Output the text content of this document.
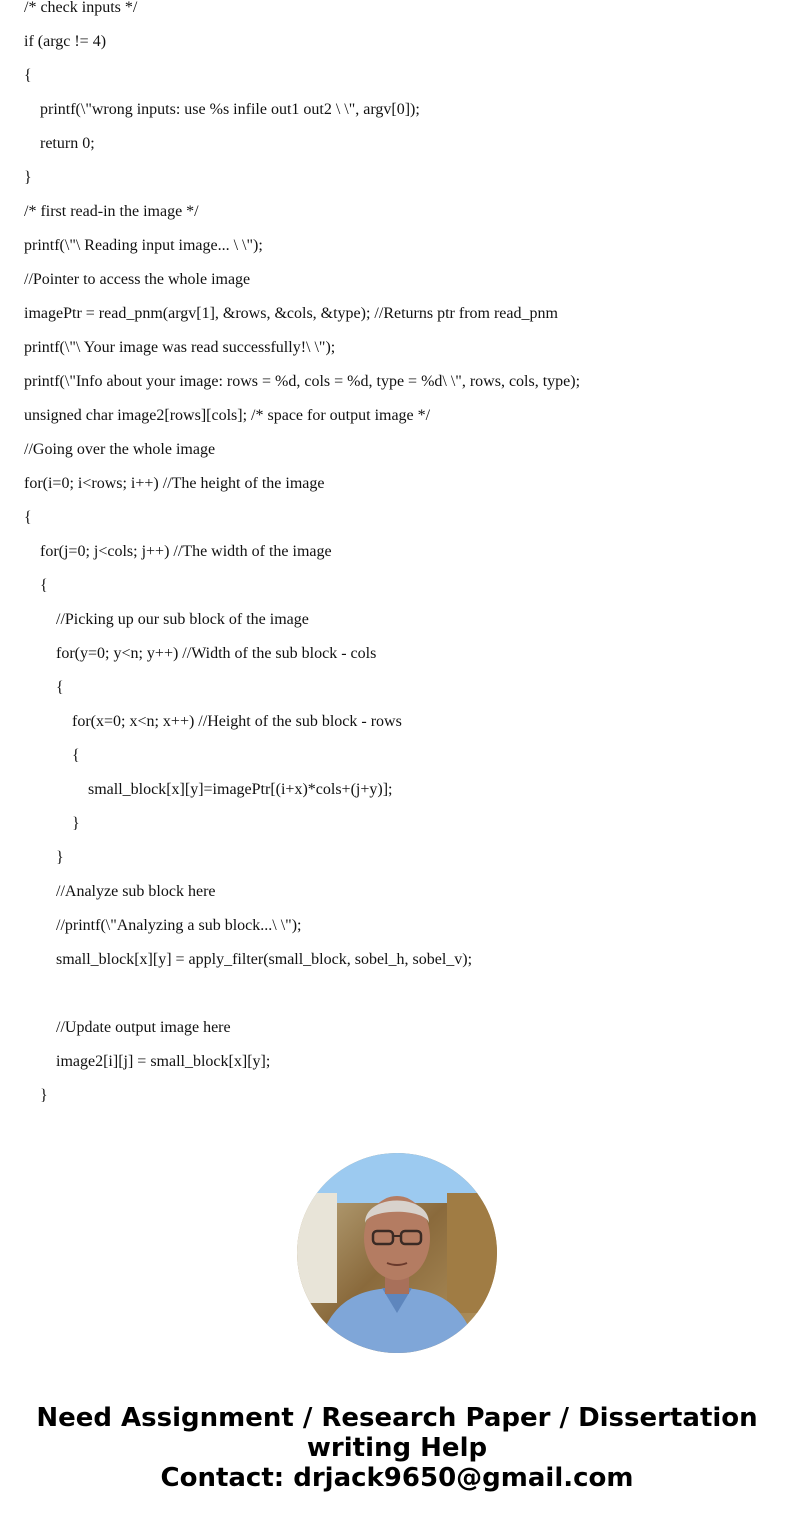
/* check inputs */
if (argc != 4)
{
printf(\"wrong inputs: use %s infile out1 out2 \ \", argv[0]);
return 0;
}
/* first read-in the image */
printf(\"\ Reading input image... \ \");
//Pointer to access the whole image
imagePtr = read_pnm(argv[1], &rows, &cols, &type); //Returns ptr from read_pnm
printf(\"\ Your image was read successfully!\ \");
printf(\"Info about your image: rows = %d, cols = %d, type = %d\ \", rows, cols, type);
unsigned char image2[rows][cols]; /* space for output image */
//Going over the whole image
for(i=0; i<rows; i++) //The height of the image
{
for(j=0; j<cols; j++) //The width of the image
{
//Picking up our sub block of the image
for(y=0; y<n; y++) //Width of the sub block - cols
{
for(x=0; x<n; x++) //Height of the sub block - rows
{
small_block[x][y]=imagePtr[(i+x)*cols+(j+y)];
}
}
//Analyze sub block here
//printf(\"Analyzing a sub block...\ \");
small_block[x][y] = apply_filter(small_block, sobel_h, sobel_v);
//Update output image here
image2[i][j] = small_block[x][y];
}
Need Assignment / Research Paper / Dissertation
writing Help
Contact: drjack9650@gmail.com
